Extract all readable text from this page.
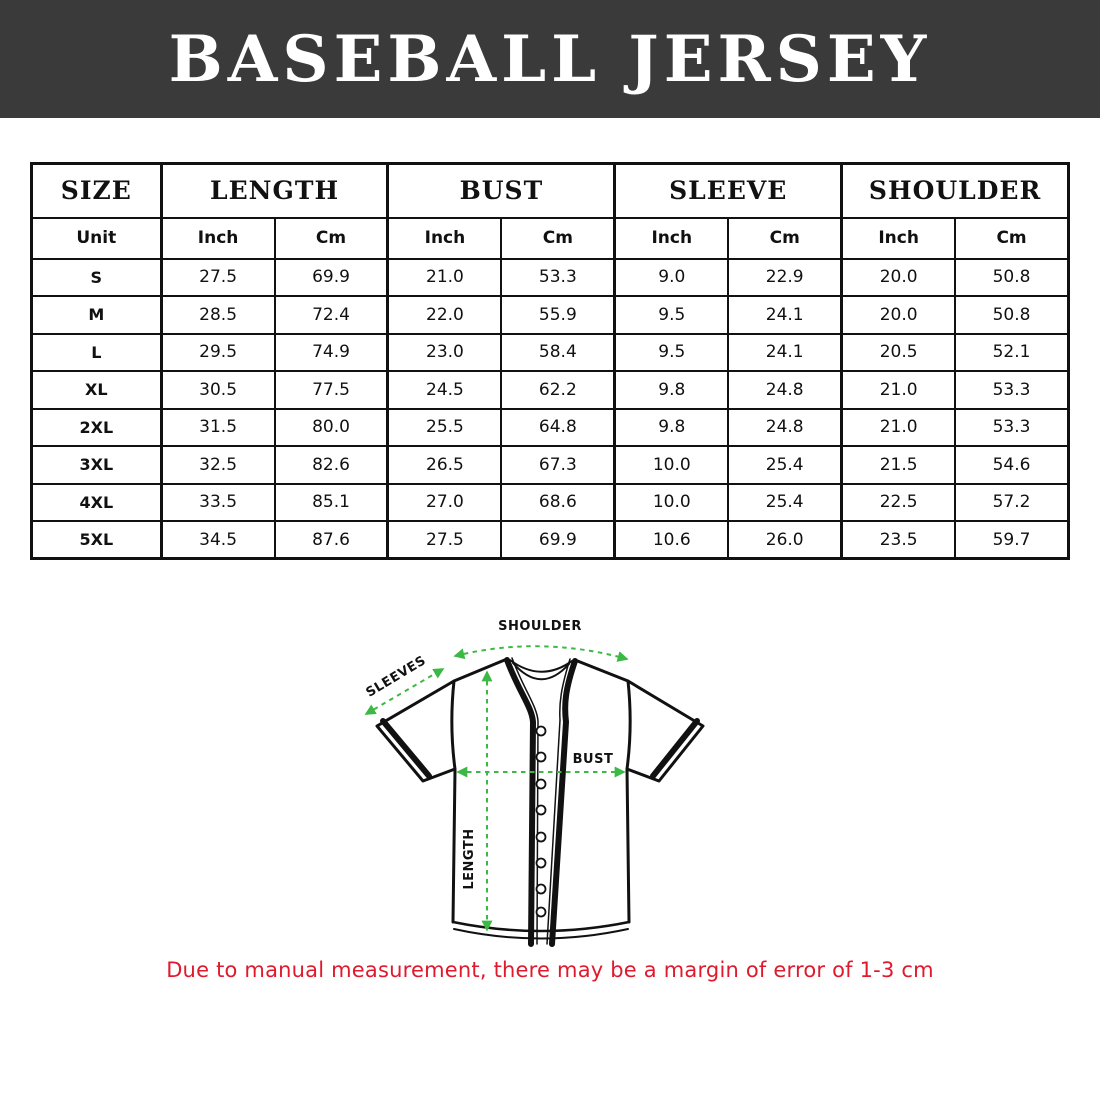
BASEBALL JERSEY
SIZE	LENGTH		BUST		SLEEVE		SHOULDER	
Unit	Inch	Cm	Inch	Cm	Inch	Cm	Inch	Cm
S	27.5	69.9	21.0	53.3	9.0	22.9	20.0	50.8
M	28.5	72.4	22.0	55.9	9.5	24.1	20.0	50.8
L	29.5	74.9	23.0	58.4	9.5	24.1	20.5	52.1
XL	30.5	77.5	24.5	62.2	9.8	24.8	21.0	53.3
2XL	31.5	80.0	25.5	64.8	9.8	24.8	21.0	53.3
3XL	32.5	82.6	26.5	67.3	10.0	25.4	21.5	54.6
4XL	33.5	85.1	27.0	68.6	10.0	25.4	22.5	57.2
5XL	34.5	87.6	27.5	69.9	10.6	26.0	23.5	59.7
SHOULDER
SLEEVES
BUST
LENGTH
Due to manual measurement, there may be a margin of error of 1-3 cm
